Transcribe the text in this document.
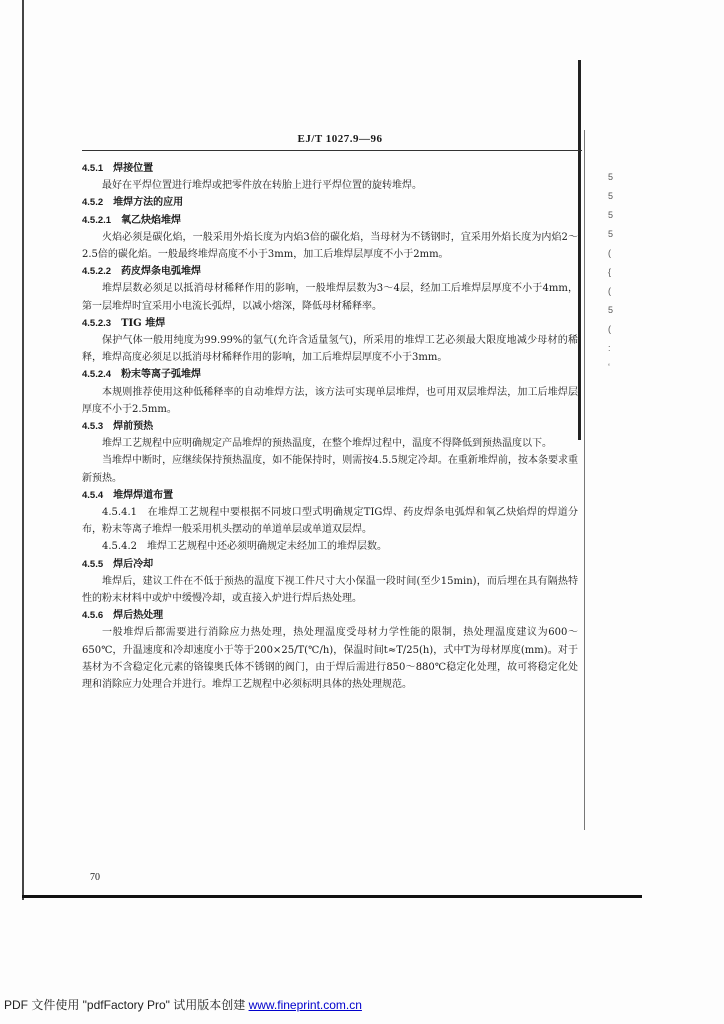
EJ/T 1027.9—96
4.5.1 焊接位置
最好在平焊位置进行堆焊或把零件放在转胎上进行平焊位置的旋转堆焊。
4.5.2 堆焊方法的应用
4.5.2.1 氧乙炔焰堆焊
火焰必须是碳化焰，一般采用外焰长度为内焰3倍的碳化焰，当母材为不锈钢时，宜采用外焰长度为内焰2～2.5倍的碳化焰。一般最终堆焊高度不小于3mm，加工后堆焊层厚度不小于2mm。
4.5.2.2 药皮焊条电弧堆焊
堆焊层数必须足以抵消母材稀释作用的影响，一般堆焊层数为3～4层，经加工后堆焊层厚度不小于4mm，第一层堆焊时宜采用小电流长弧焊，以减小熔深，降低母材稀释率。
4.5.2.3 TIG 堆焊
保护气体一般用纯度为99.99%的氩气(允许含适量氢气)，所采用的堆焊工艺必须最大限度地减少母材的稀释，堆焊高度必须足以抵消母材稀释作用的影响，加工后堆焊层厚度不小于3mm。
4.5.2.4 粉末等离子弧堆焊
本规则推荐使用这种低稀释率的自动堆焊方法，该方法可实现单层堆焊，也可用双层堆焊法，加工后堆焊层厚度不小于2.5mm。
4.5.3 焊前预热
堆焊工艺规程中应明确规定产品堆焊的预热温度，在整个堆焊过程中，温度不得降低到预热温度以下。
当堆焊中断时，应继续保持预热温度，如不能保持时，则需按4.5.5规定冷却。在重新堆焊前，按本条要求重新预热。
4.5.4 堆焊焊道布置
4.5.4.1　在堆焊工艺规程中要根据不同坡口型式明确规定TIG焊、药皮焊条电弧焊和氧乙炔焰焊的焊道分布，粉末等离子堆焊一般采用机头摆动的单道单层或单道双层焊。
4.5.4.2　堆焊工艺规程中还必须明确规定未经加工的堆焊层数。
4.5.5 焊后冷却
堆焊后，建议工件在不低于预热的温度下视工件尺寸大小保温一段时间(至少15min)，而后埋在具有隔热特性的粉末材料中或炉中缓慢冷却，或直接入炉进行焊后热处理。
4.5.6 焊后热处理
一般堆焊后都需要进行消除应力热处理，热处理温度受母材力学性能的限制，热处理温度建议为600～650℃，升温速度和冷却速度小于等于200×25/T(℃/h)，保温时间t≈T/25(h)，式中T为母材厚度(mm)。对于基材为不含稳定化元素的铬镍奥氏体不锈钢的阀门，由于焊后需进行850～880℃稳定化处理，故可将稳定化处理和消除应力处理合并进行。堆焊工艺规程中必须标明具体的热处理规范。
5
5
5
5
(
{
(
5
(
:
‘
70
PDF 文件使用 "pdfFactory Pro" 试用版本创建 www.fineprint.com.cn
